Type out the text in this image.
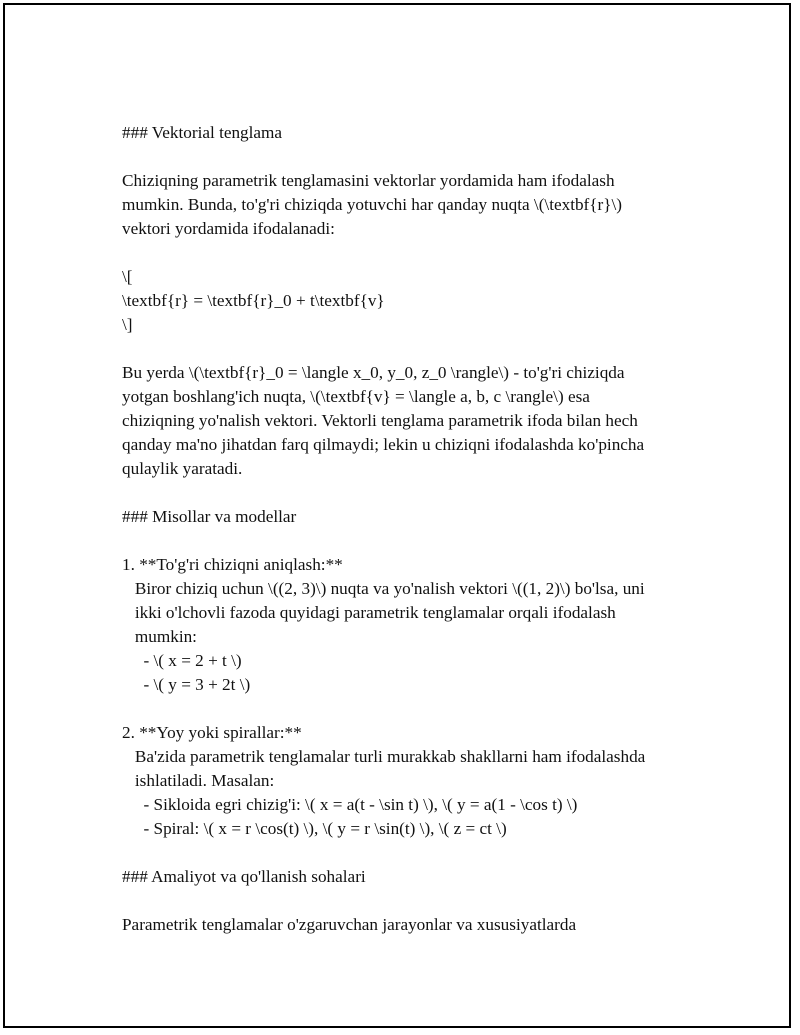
### Vektorial tenglama
Chiziqning parametrik tenglamasini vektorlar yordamida ham ifodalash
mumkin. Bunda, to'g'ri chiziqda yotuvchi har qanday nuqta \(\textbf{r}\)
vektori yordamida ifodalanadi:
\[
\textbf{r} = \textbf{r}_0 + t\textbf{v}
\]
Bu yerda \(\textbf{r}_0 = \langle x_0, y_0, z_0 \rangle\) - to'g'ri chiziqda
yotgan boshlang'ich nuqta, \(\textbf{v} = \langle a, b, c \rangle\) esa
chiziqning yo'nalish vektori. Vektorli tenglama parametrik ifoda bilan hech
qanday ma'no jihatdan farq qilmaydi; lekin u chiziqni ifodalashda ko'pincha
qulaylik yaratadi.
### Misollar va modellar
1. **To'g'ri chiziqni aniqlash:**
Biror chiziq uchun \((2, 3)\) nuqta va yo'nalish vektori \((1, 2)\) bo'lsa, uni
ikki o'lchovli fazoda quyidagi parametrik tenglamalar orqali ifodalash
mumkin:
- \( x = 2 + t \)
- \( y = 3 + 2t \)
2. **Yoy yoki spirallar:**
Ba'zida parametrik tenglamalar turli murakkab shakllarni ham ifodalashda
ishlatiladi. Masalan:
- Sikloida egri chizig'i: \( x = a(t - \sin t) \), \( y = a(1 - \cos t) \)
- Spiral: \( x = r \cos(t) \), \( y = r \sin(t) \), \( z = ct \)
### Amaliyot va qo'llanish sohalari
Parametrik tenglamalar o'zgaruvchan jarayonlar va xususiyatlarda
